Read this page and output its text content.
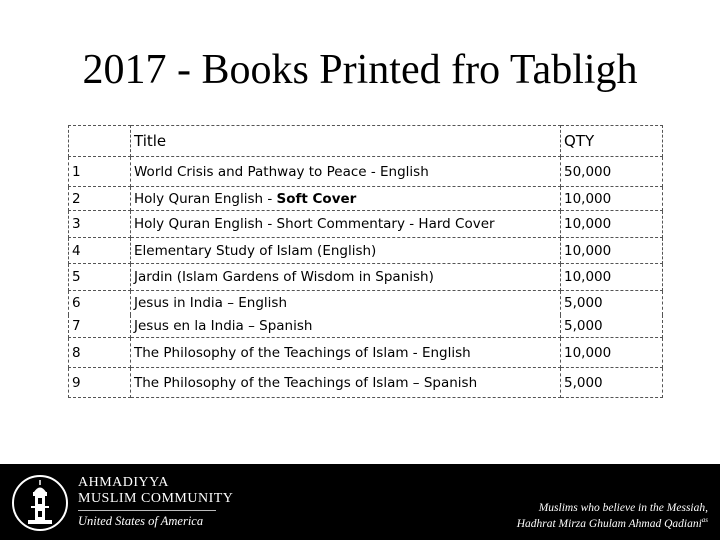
2017 - Books Printed fro Tabligh
	Title	QTY
1	World Crisis and Pathway to Peace - English	50,000
2	Holy Quran English - Soft Cover	10,000
3	Holy Quran English - Short Commentary - Hard Cover	10,000
4	Elementary Study of Islam (English)	10,000
5	Jardin (Islam Gardens of Wisdom in Spanish)	10,000
6	Jesus in India – English	5,000
7	Jesus en la India – Spanish	5,000
8	The Philosophy of the Teachings of Islam - English	10,000
9	The Philosophy of the Teachings of Islam – Spanish	5,000
AHMADIYYA
MUSLIM COMMUNITY
United States of America
Muslims who believe in the Messiah,
Hadhrat Mirza Ghulam Ahmad Qadiani$^{as}$
